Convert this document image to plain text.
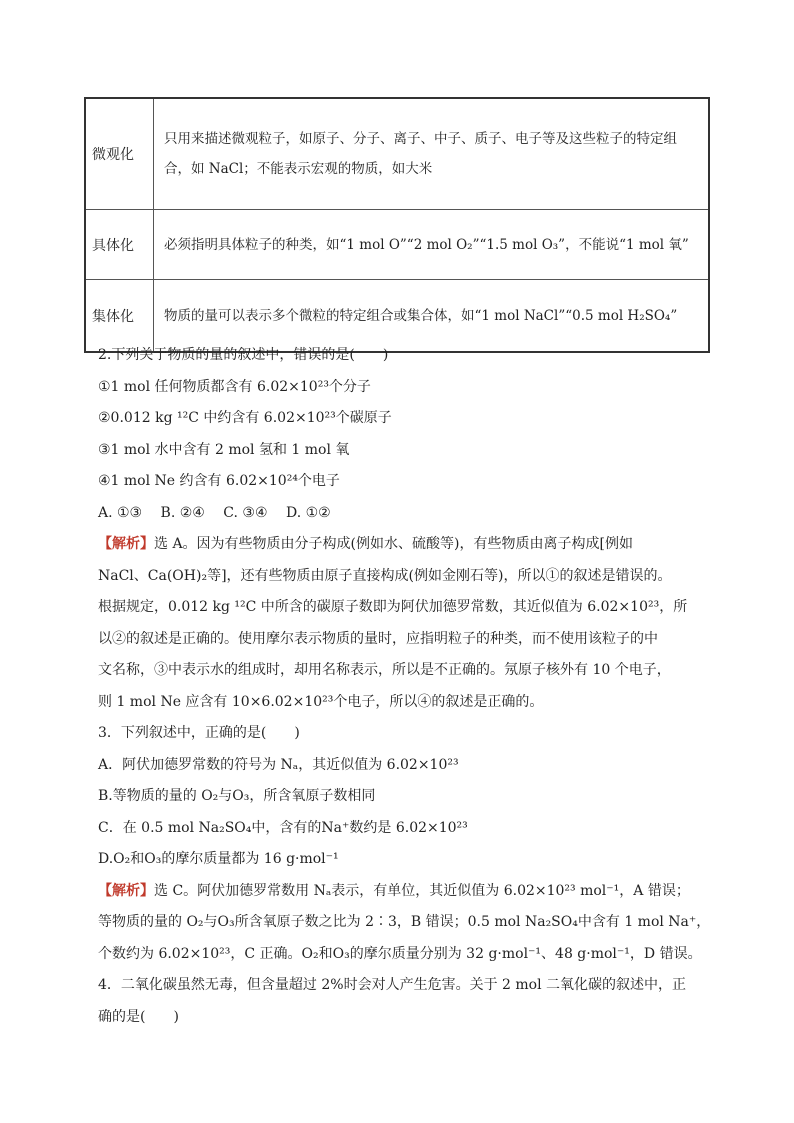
微观化	只用来描述微观粒子，如原子、分子、离子、中子、质子、电子等及这些粒子的特定组合，如 NaCl；不能表示宏观的物质，如大米
具体化	必须指明具体粒子的种类，如“1 mol O”“2 mol O₂”“1.5 mol O₃”，不能说“1 mol 氧”
集体化	物质的量可以表示多个微粒的特定组合或集合体，如“1 mol NaCl”“0.5 mol H₂SO₄”
2.下列关于物质的量的叙述中，错误的是(　　)
①1 mol 任何物质都含有 6.02×10²³个分子
②0.012 kg ¹²C 中约含有 6.02×10²³个碳原子
③1 mol 水中含有 2 mol 氢和 1 mol 氧
④1 mol Ne 约含有 6.02×10²⁴个电子
A. ①③　 B. ②④　 C. ③④　 D. ①②
【解析】选 A。因为有些物质由分子构成(例如水、硫酸等)，有些物质由离子构成[例如
NaCl、Ca(OH)₂等]，还有些物质由原子直接构成(例如金刚石等)，所以①的叙述是错误的。
根据规定，0.012 kg ¹²C 中所含的碳原子数即为阿伏加德罗常数，其近似值为 6.02×10²³，所
以②的叙述是正确的。使用摩尔表示物质的量时，应指明粒子的种类，而不使用该粒子的中
文名称，③中表示水的组成时，却用名称表示，所以是不正确的。氖原子核外有 10 个电子，
则 1 mol Ne 应含有 10×6.02×10²³个电子，所以④的叙述是正确的。
3．下列叙述中，正确的是(　　)
A．阿伏加德罗常数的符号为 Nₐ，其近似值为 6.02×10²³
B.等物质的量的 O₂与O₃，所含氧原子数相同
C．在 0.5 mol Na₂SO₄中，含有的Na⁺数约是 6.02×10²³
D.O₂和O₃的摩尔质量都为 16 g·mol⁻¹
【解析】选 C。阿伏加德罗常数用 Nₐ表示，有单位，其近似值为 6.02×10²³ mol⁻¹，A 错误；
等物质的量的 O₂与O₃所含氧原子数之比为 2∶3，B 错误；0.5 mol Na₂SO₄中含有 1 mol Na⁺，
个数约为 6.02×10²³，C 正确。O₂和O₃的摩尔质量分别为 32 g·mol⁻¹、48 g·mol⁻¹，D 错误。
4．二氧化碳虽然无毒，但含量超过 2%时会对人产生危害。关于 2 mol 二氧化碳的叙述中，正
确的是(　　)
